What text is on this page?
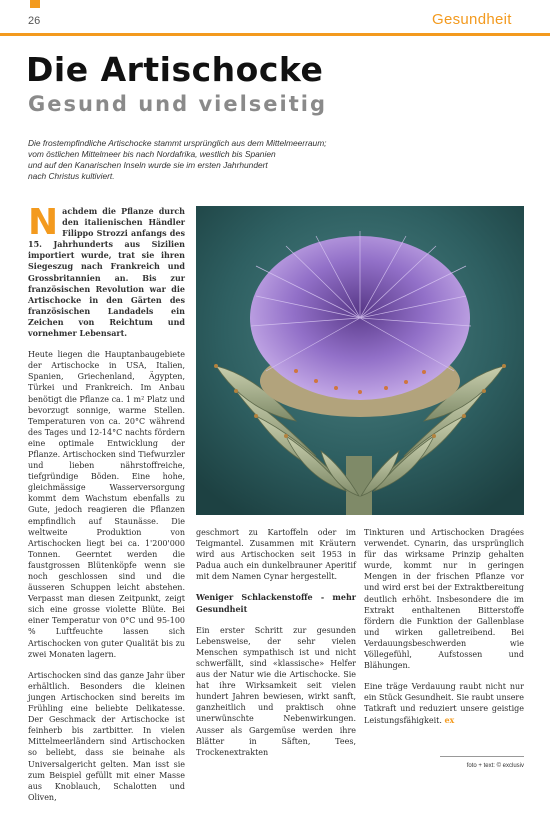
26	Gesundheit
Die Artischocke
Gesund und vielseitig
Die frostempfindliche Artischocke stammt ursprünglich aus dem Mittelmeerraum;
vom östlichen Mittelmeer bis nach Nordafrika, westlich bis Spanien
und auf den Kanarischen Inseln wurde sie im ersten Jahrhundert
nach Christus kultiviert.

Nachdem die Pflanze durch den italienischen Händler Filippo Strozzi anfangs des 15. Jahrhunderts aus Sizilien importiert wurde, trat sie ihren Siegeszug nach Frankreich und Grossbritannien an. Bis zur französischen Revolution war die Artischocke in den Gärten des französischen Landadels ein Zeichen von Reichtum und vornehmer Lebensart.

Heute liegen die Hauptanbaugebiete der Artischocke in USA, Italien, Spanien, Griechenland, Ägypten, Türkei und Frankreich. Im Anbau benötigt die Pflanze ca. 1 m² Platz und bevorzugt sonnige, warme Stellen. Temperaturen von ca. 20°C während des Tages und 12-14°C nachts fördern eine optimale Entwicklung der Pflanze. Artischocken sind Tiefwurzler und lieben nährstoffreiche, tiefgründige Böden. Eine hohe, gleichmässige Wasserversorgung kommt dem Wachstum ebenfalls zu Gute, jedoch reagieren die Pflanzen empfindlich auf Staunässe. Die weltweite Produktion von Artischocken liegt bei ca. 1'200'000 Tonnen. Geerntet werden die faustgrossen Blütenköpfe wenn sie noch geschlossen sind und die äusseren Schuppen leicht abstehen. Verpasst man diesen Zeitpunkt, zeigt sich eine grosse violette Blüte. Bei einer Temperatur von 0°C und 95-100 % Luftfeuchte lassen sich Artischocken von guter Qualität bis zu zwei Monaten lagern.

Artischocken sind das ganze Jahr über erhältlich. Besonders die kleinen jungen Artischocken sind bereits im Frühling eine beliebte Delikatesse. Der Geschmack der Artischocke ist feinherb bis zartbitter. In vielen Mittelmeerländern sind Artischocken so beliebt, dass sie beinahe als Universalgericht gelten. Man isst sie zum Beispiel gefüllt mit einer Masse aus Knoblauch, Schalotten und Oliven,

geschmort zu Kartoffeln oder im Teigmantel. Zusammen mit Kräutern wird aus Artischocken seit 1953 in Padua auch ein dunkelbrauner Aperitif mit dem Namen Cynar hergestellt.

Weniger Schlackenstoffe - mehr Gesundheit

Ein erster Schritt zur gesunden Lebensweise, der sehr vielen Menschen sympathisch ist und nicht schwerfällt, sind «klassische» Helfer aus der Natur wie die Artischocke. Sie hat ihre Wirksamkeit seit vielen hundert Jahren bewiesen, wirkt sanft, ganzheitlich und praktisch ohne unerwünschte Nebenwirkungen. Ausser als Gargemüse werden ihre Blätter in Säften, Tees, Trockenextrakten

Tinkturen und Artischocken Dragées verwendet. Cynarin, das ursprünglich für das wirksame Prinzip gehalten wurde, kommt nur in geringen Mengen in der frischen Pflanze vor und wird erst bei der Extraktbereitung deutlich erhöht. Insbesondere die im Extrakt enthaltenen Bitterstoffe fördern die Funktion der Gallenblase und wirken galletreibend. Bei Verdauungsbeschwerden wie Völlegefühl, Aufstossen und Blähungen.

Eine träge Verdauung raubt nicht nur ein Stück Gesundheit. Sie raubt unsere Tatkraft und reduziert unsere geistige Leistungsfähigkeit. ex

foto + text: © exclusiv
